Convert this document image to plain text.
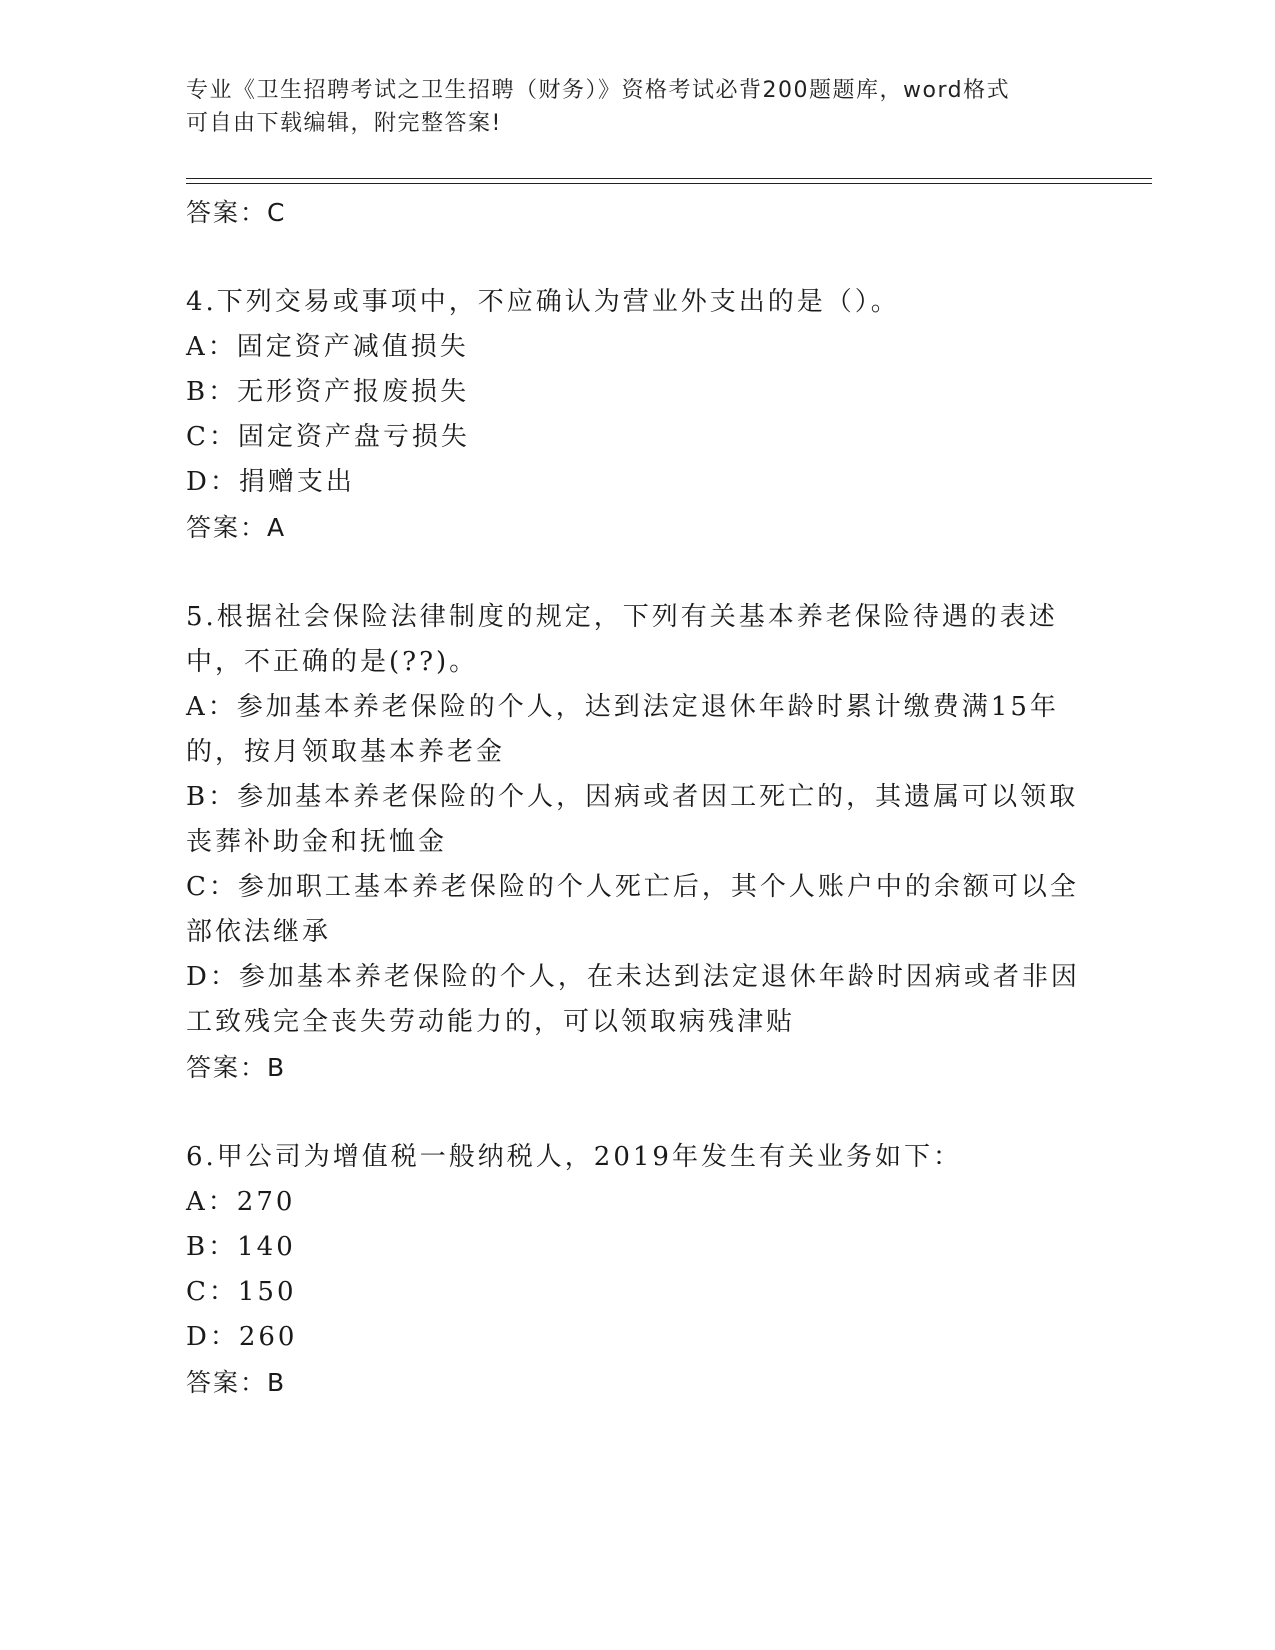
专业《卫生招聘考试之卫生招聘（财务）》资格考试必背200题题库，word格式
可自由下载编辑，附完整答案!
答案：C
4.下列交易或事项中，不应确认为营业外支出的是（）。
A：固定资产减值损失
B：无形资产报废损失
C：固定资产盘亏损失
D：捐赠支出
答案：A
5.根据社会保险法律制度的规定，下列有关基本养老保险待遇的表述中，不正确的是(??)。
A：参加基本养老保险的个人，达到法定退休年龄时累计缴费满15年的，按月领取基本养老金
B：参加基本养老保险的个人，因病或者因工死亡的，其遗属可以领取丧葬补助金和抚恤金
C：参加职工基本养老保险的个人死亡后，其个人账户中的余额可以全部依法继承
D：参加基本养老保险的个人，在未达到法定退休年龄时因病或者非因工致残完全丧失劳动能力的，可以领取病残津贴
答案：B
6.甲公司为增值税一般纳税人，2019年发生有关业务如下：
A：270
B：140
C：150
D：260
答案：B
